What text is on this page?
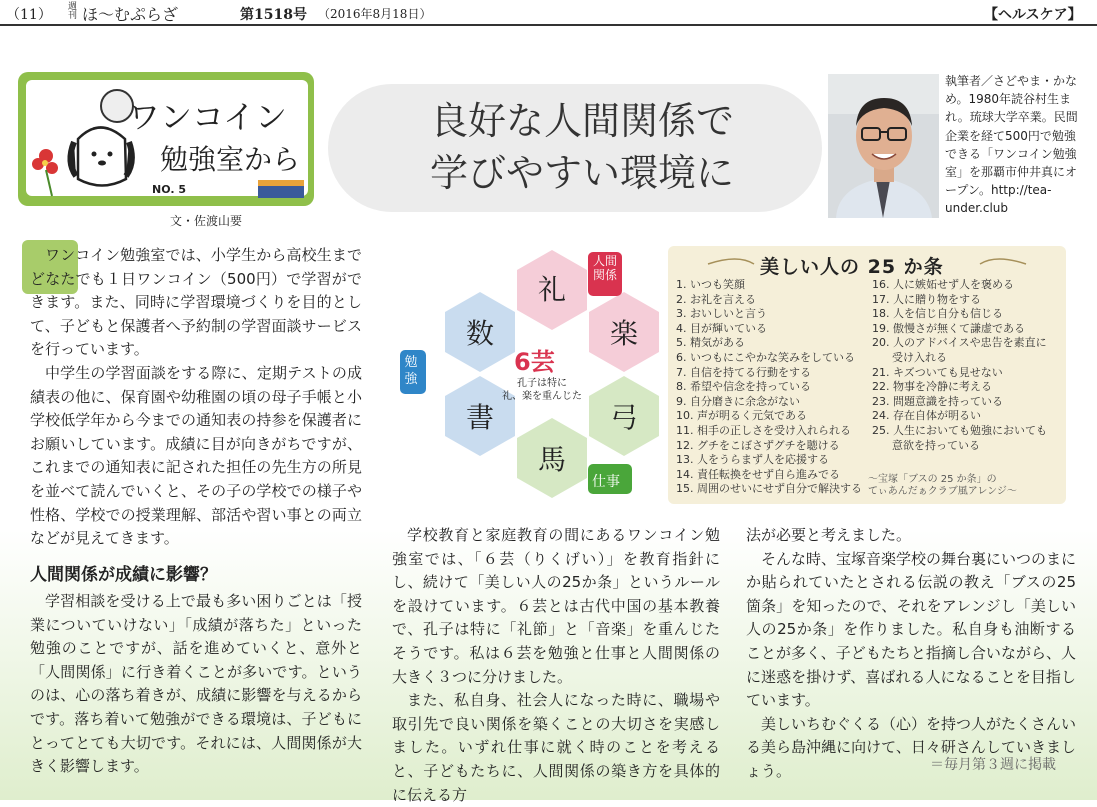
（11） 週刊 ほ～むぷらざ	第1518号 （2016年8月18日）	【ヘルスケア】
ワンコイン
勉強室から
NO. 5
文・佐渡山要
良好な人間関係で
学びやすい環境に
執筆者／さどやま・かなめ。1980年読谷村生まれ。琉球大学卒業。民間企業を経て500円で勉強できる「ワンコイン勉強室」を那覇市仲井真にオープン。http://tea-under.club

ワンコイン勉強室では、小学生から高校生までどなたでも１日ワンコイン（500円）で学習ができます。また、同時に学習環境づくりを目的として、子どもと保護者へ予約制の学習面談サービスを行っています。

中学生の学習面談をする際に、定期テストの成績表の他に、保育園や幼稚園の頃の母子手帳と小学校低学年から今までの通知表の持参を保護者にお願いしています。成績に目が向きがちですが、これまでの通知表に記された担任の先生方の所見を並べて読んでいくと、その子の学校での様子や性格、学校での授業理解、部活や習い事との両立などが見えてきます。

人間関係が成績に影響？

学習相談を受ける上で最も多い困りごとは「授業についていけない」「成績が落ちた」といった勉強のことですが、話を進めていくと、意外と「人間関係」に行き着くことが多いです。というのは、心の落ち着きが、成績に影響を与えるからです。落ち着いて勉強ができる環境は、子どもにとってとても大切です。それには、人間関係が大きく影響します。

礼
楽
弓
馬
書
数
6芸
孔子は特に
礼、楽を重んじた
人間関係
勉強
仕事
美しい人の 25 か条
1. いつも笑顔
2. お礼を言える
3. おいしいと言う
4. 目が輝いている
5. 精気がある
6. いつもにこやかな笑みをしている
7. 自信を持てる行動をする
8. 希望や信念を持っている
9. 自分磨きに余念がない
10. 声が明るく元気である
11. 相手の正しさを受け入れられる
12. グチをこぼさずグチを聴ける
13. 人をうらまず人を応援する
14. 責任転換をせず自ら進みでる
15. 周囲のせいにせず自分で解決する
16. 人に嫉妬せず人を褒める
17. 人に贈り物をする
18. 人を信じ自分も信じる
19. 傲慢さが無くて謙虚である
20. 人のアドバイスや忠告を素直に
受け入れる
21. キズついても見せない
22. 物事を冷静に考える
23. 問題意識を持っている
24. 存在自体が明るい
25. 人生においても勉強においても
意欲を持っている
～宝塚「ブスの 25 か条」の
てぃあんだぁクラブ風アレンジ～

学校教育と家庭教育の間にあるワンコイン勉強室では、「６芸（りくげい）」を教育指針にし、続けて「美しい人の25か条」というルールを設けています。６芸とは古代中国の基本教養で、孔子は特に「礼節」と「音楽」を重んじたそうです。私は６芸を勉強と仕事と人間関係の大きく３つに分けました。

また、私自身、社会人になった時に、職場や取引先で良い関係を築くことの大切さを実感しました。いずれ仕事に就く時のことを考えると、子どもたちに、人間関係の築き方を具体的に伝える方

法が必要と考えました。

そんな時、宝塚音楽学校の舞台裏にいつのまにか貼られていたとされる伝説の教え「ブスの25箇条」を知ったので、それをアレンジし「美しい人の25か条」を作りました。私自身も油断することが多く、子どもたちと指摘し合いながら、人に迷惑を掛けず、喜ばれる人になることを目指しています。

美しいちむぐくる（心）を持つ人がたくさんいる美ら島沖縄に向けて、日々研さんしていきましょう。	＝毎月第３週に掲載
